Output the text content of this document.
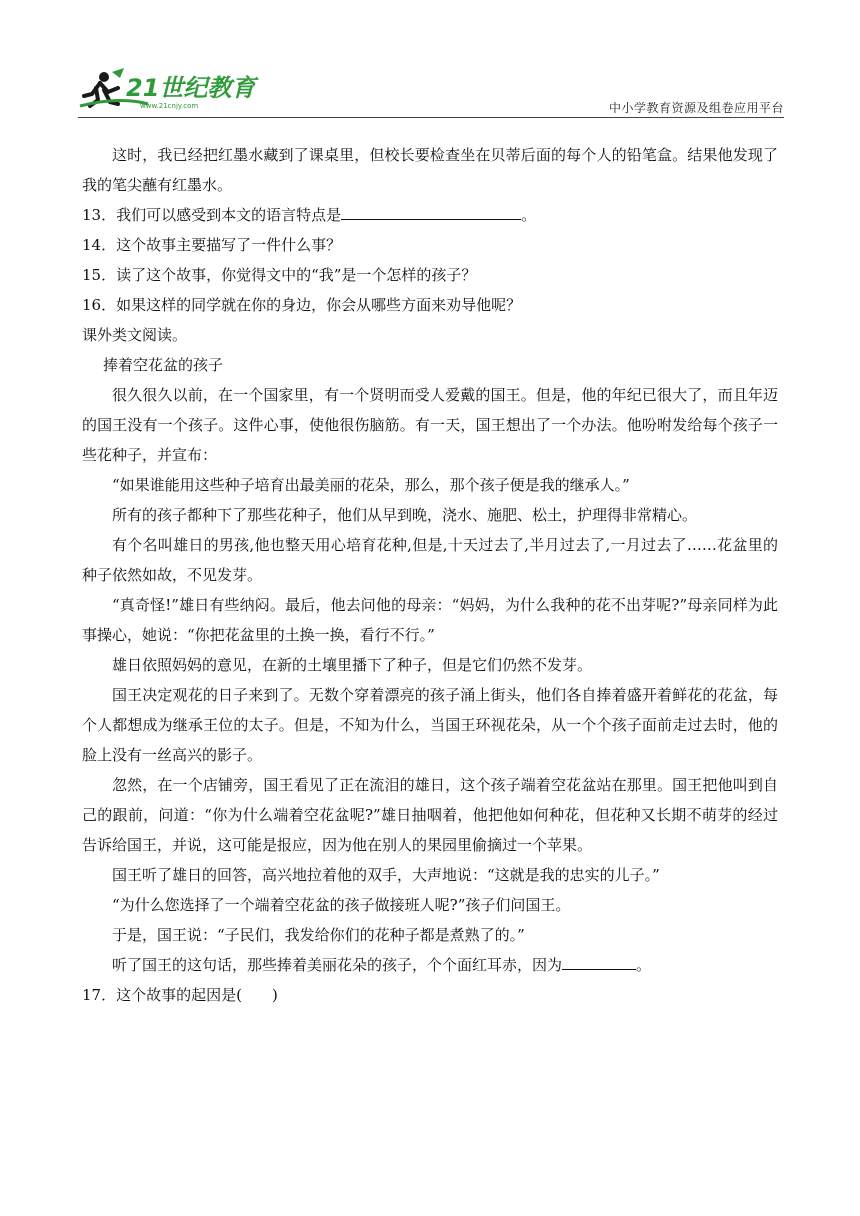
21世纪教育
www.21cnjy.com	中小学教育资源及组卷应用平台

这时，我已经把红墨水藏到了课桌里，但校长要检查坐在贝蒂后面的每个人的铅笔盒。结果他发现了我的笔尖蘸有红墨水。

13．我们可以感受到本文的语言特点是	。

14．这个故事主要描写了一件什么事？

15．读了这个故事，你觉得文中的“我”是一个怎样的孩子？

16．如果这样的同学就在你的身边，你会从哪些方面来劝导他呢？

课外类文阅读。

捧着空花盆的孩子

很久很久以前，在一个国家里，有一个贤明而受人爱戴的国王。但是，他的年纪已很大了，而且年迈的国王没有一个孩子。这件心事，使他很伤脑筋。有一天，国王想出了一个办法。他吩咐发给每个孩子一些花种子，并宣布：

“如果谁能用这些种子培育出最美丽的花朵，那么，那个孩子便是我的继承人。”

所有的孩子都种下了那些花种子，他们从早到晚，浇水、施肥、松土，护理得非常精心。

有个名叫雄日的男孩,他也整天用心培育花种,但是,十天过去了,半月过去了,一月过去了……花盆里的种子依然如故，不见发芽。

“真奇怪!”雄日有些纳闷。最后，他去问他的母亲：“妈妈，为什么我种的花不出芽呢?”母亲同样为此事操心，她说：“你把花盆里的土换一换，看行不行。”

雄日依照妈妈的意见，在新的土壤里播下了种子，但是它们仍然不发芽。

国王决定观花的日子来到了。无数个穿着漂亮的孩子涌上街头，他们各自捧着盛开着鲜花的花盆，每个人都想成为继承王位的太子。但是，不知为什么，当国王环视花朵，从一个个孩子面前走过去时，他的脸上没有一丝高兴的影子。

忽然，在一个店铺旁，国王看见了正在流泪的雄日，这个孩子端着空花盆站在那里。国王把他叫到自己的跟前，问道：“你为什么端着空花盆呢?”雄日抽咽着，他把他如何种花，但花种又长期不萌芽的经过告诉给国王，并说，这可能是报应，因为他在别人的果园里偷摘过一个苹果。

国王听了雄日的回答，高兴地拉着他的双手，大声地说：“这就是我的忠实的儿子。”

“为什么您选择了一个端着空花盆的孩子做接班人呢?”孩子们问国王。

于是，国王说：“子民们，我发给你们的花种子都是煮熟了的。”

听了国王的这句话，那些捧着美丽花朵的孩子，个个面红耳赤，因为	。

17．这个故事的起因是(　　)
